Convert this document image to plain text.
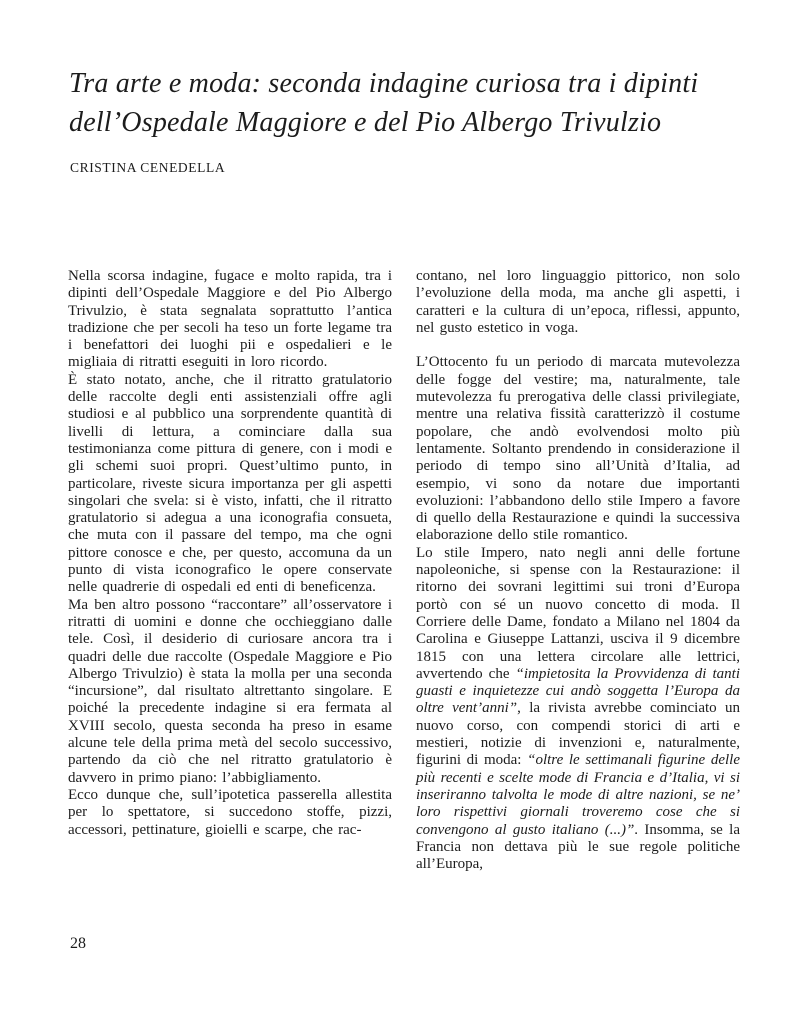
Tra arte e moda: seconda indagine curiosa tra i dipinti dell’Ospedale Maggiore e del Pio Albergo Trivulzio
CRISTINA CENEDELLA

Nella scorsa indagine, fugace e molto rapida, tra i dipinti dell’Ospedale Maggiore e del Pio Albergo Trivulzio, è stata segnalata soprattutto l’antica tradizione che per secoli ha teso un forte legame tra i benefattori dei luoghi pii e ospedalieri e le migliaia di ritratti eseguiti in loro ricordo.

È stato notato, anche, che il ritratto gratulatorio delle raccolte degli enti assistenziali offre agli studiosi e al pubblico una sorprendente quantità di livelli di lettura, a cominciare dalla sua testimonianza come pittura di genere, con i modi e gli schemi suoi propri. Quest’ultimo punto, in particolare, riveste sicura importanza per gli aspetti singolari che svela: si è visto, infatti, che il ritratto gratulatorio si adegua a una iconografia consueta, che muta con il passare del tempo, ma che ogni pittore conosce e che, per questo, accomuna da un punto di vista iconografico le opere conservate nelle quadrerie di ospedali ed enti di beneficenza.

Ma ben altro possono “raccontare” all’osservatore i ritratti di uomini e donne che occhieggiano dalle tele. Così, il desiderio di curiosare ancora tra i quadri delle due raccolte (Ospedale Maggiore e Pio Albergo Trivulzio) è stata la molla per una seconda “incursione”, dal risultato altrettanto singolare. E poiché la precedente indagine si era fermata al XVIII secolo, questa seconda ha preso in esame alcune tele della prima metà del secolo successivo, partendo da ciò che nel ritratto gratulatorio è davvero in primo piano: l’abbigliamento.

Ecco dunque che, sull’ipotetica passerella allestita per lo spettatore, si succedono stoffe, pizzi, accessori, pettinature, gioielli e scarpe, che rac-

contano, nel loro linguaggio pittorico, non solo l’evoluzione della moda, ma anche gli aspetti, i caratteri e la cultura di un’epoca, riflessi, appunto, nel gusto estetico in voga.

L’Ottocento fu un periodo di marcata mutevolezza delle fogge del vestire; ma, naturalmente, tale mutevolezza fu prerogativa delle classi privilegiate, mentre una relativa fissità caratterizzò il costume popolare, che andò evolvendosi molto più lentamente. Soltanto prendendo in considerazione il periodo di tempo sino all’Unità d’Italia, ad esempio, vi sono da notare due importanti evoluzioni: l’abbandono dello stile Impero a favore di quello della Restaurazione e quindi la successiva elaborazione dello stile romantico.

Lo stile Impero, nato negli anni delle fortune napoleoniche, si spense con la Restaurazione: il ritorno dei sovrani legittimi sui troni d’Europa portò con sé un nuovo concetto di moda. Il Corriere delle Dame, fondato a Milano nel 1804 da Carolina e Giuseppe Lattanzi, usciva il 9 dicembre 1815 con una lettera circolare alle lettrici, avvertendo che “impietosita la Provvidenza di tanti guasti e inquietezze cui andò soggetta l’Europa da oltre vent’anni”, la rivista avrebbe cominciato un nuovo corso, con compendi storici di arti e mestieri, notizie di invenzioni e, naturalmente, figurini di moda: “oltre le settimanali figurine delle più recenti e scelte mode di Francia e d’Italia, vi si inseriranno talvolta le mode di altre nazioni, se ne’ loro rispettivi giornali troveremo cose che si convengono al gusto italiano (...)”. Insomma, se la Francia non dettava più le sue regole politiche all’Europa,

28
